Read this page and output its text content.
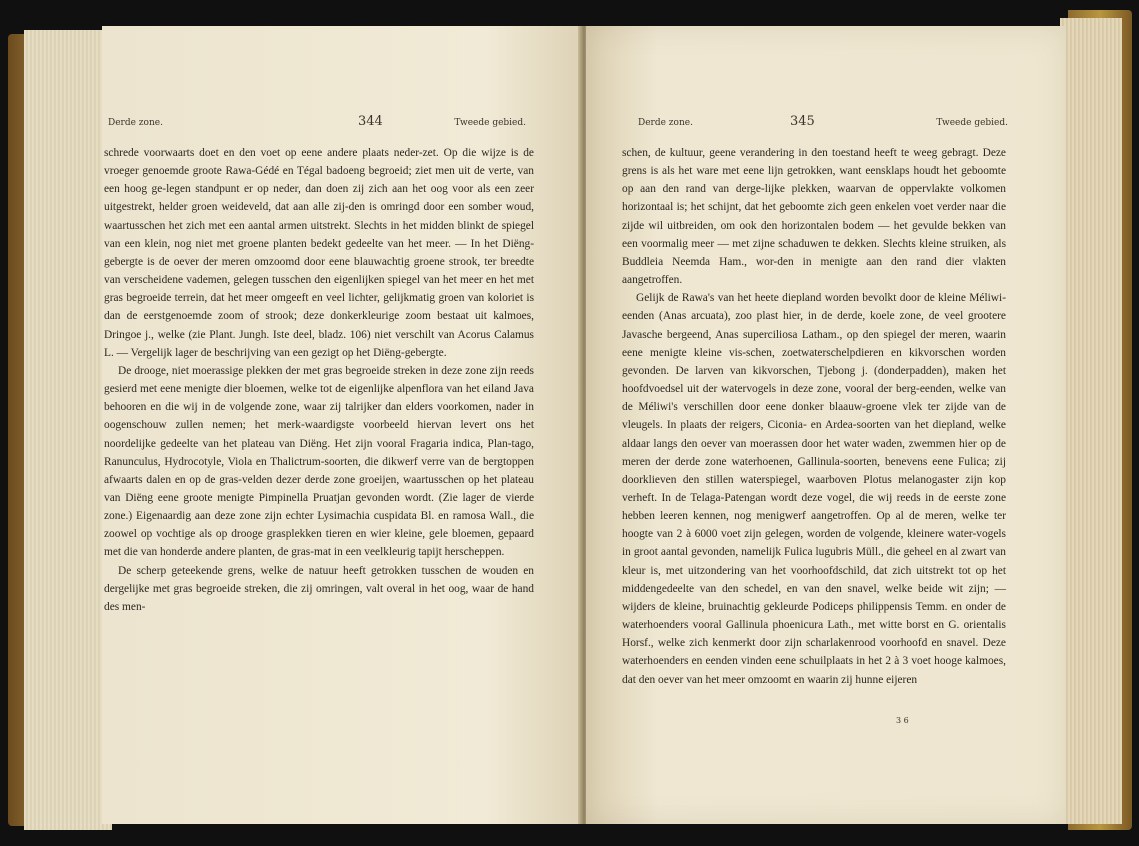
Derde zone.	344	Tweede gebied.

schrede voorwaarts doet en den voet op eene andere plaats neder-zet. Op die wijze is de vroeger genoemde groote Rawa-Gédé en Tégal badoeng begroeid; ziet men uit de verte, van een hoog ge-legen standpunt er op neder, dan doen zij zich aan het oog voor als een zeer uitgestrekt, helder groen weideveld, dat aan alle zij-den is omringd door een somber woud, waartusschen het zich met een aantal armen uitstrekt. Slechts in het midden blinkt de spiegel van een klein, nog niet met groene planten bedekt gedeelte van het meer. — In het Diëng-gebergte is de oever der meren omzoomd door eene blauwachtig groene strook, ter breedte van verscheidene vademen, gelegen tusschen den eigenlijken spiegel van het meer en het met gras begroeide terrein, dat het meer omgeeft en veel lichter, gelijkmatig groen van koloriet is dan de eerstgenoemde zoom of strook; deze donkerkleurige zoom bestaat uit kalmoes, Dringoe j., welke (zie Plant. Jungh. Iste deel, bladz. 106) niet verschilt van Acorus Calamus L. — Vergelijk lager de beschrijving van een gezigt op het Diëng-gebergte.

De drooge, niet moerassige plekken der met gras begroeide streken in deze zone zijn reeds gesierd met eene menigte dier bloemen, welke tot de eigenlijke alpenflora van het eiland Java behooren en die wij in de volgende zone, waar zij talrijker dan elders voorkomen, nader in oogenschouw zullen nemen; het merk-waardigste voorbeeld hiervan levert ons het noordelijke gedeelte van het plateau van Diëng. Het zijn vooral Fragaria indica, Plan-tago, Ranunculus, Hydrocotyle, Viola en Thalictrum-soorten, die dikwerf verre van de bergtoppen afwaarts dalen en op de gras-velden dezer derde zone groeijen, waartusschen op het plateau van Diëng eene groote menigte Pimpinella Pruatjan gevonden wordt. (Zie lager de vierde zone.) Eigenaardig aan deze zone zijn echter Lysimachia cuspidata Bl. en ramosa Wall., die zoowel op vochtige als op drooge grasplekken tieren en wier kleine, gele bloemen, gepaard met die van honderde andere planten, de gras-mat in een veelkleurig tapijt herscheppen.

De scherp geteekende grens, welke de natuur heeft getrokken tusschen de wouden en dergelijke met gras begroeide streken, die zij omringen, valt overal in het oog, waar de hand des men-

Derde zone.	345	Tweede gebied.

schen, de kultuur, geene verandering in den toestand heeft te weeg gebragt. Deze grens is als het ware met eene lijn getrokken, want eensklaps houdt het geboomte op aan den rand van derge-lijke plekken, waarvan de oppervlakte volkomen horizontaal is; het schijnt, dat het geboomte zich geen enkelen voet verder naar die zijde wil uitbreiden, om ook den horizontalen bodem — het gevulde bekken van een voormalig meer — met zijne schaduwen te dekken. Slechts kleine struiken, als Buddleia Neemda Ham., wor-den in menigte aan den rand dier vlakten aangetroffen.

Gelijk de Rawa's van het heete diepland worden bevolkt door de kleine Méliwi-eenden (Anas arcuata), zoo plast hier, in de derde, koele zone, de veel grootere Javasche bergeend, Anas superciliosa Latham., op den spiegel der meren, waarin eene menigte kleine vis-schen, zoetwaterschelpdieren en kikvorschen worden gevonden. De larven van kikvorschen, Tjebong j. (donderpadden), maken het hoofdvoedsel uit der watervogels in deze zone, vooral der berg-eenden, welke van de Méliwi's verschillen door eene donker blaauw-groene vlek ter zijde van de vleugels. In plaats der reigers, Ciconia- en Ardea-soorten van het diepland, welke aldaar langs den oever van moerassen door het water waden, zwemmen hier op de meren der derde zone waterhoenen, Gallinula-soorten, benevens eene Fulica; zij doorklieven den stillen waterspiegel, waarboven Plotus melanogaster zijn kop verheft. In de Telaga-Patengan wordt deze vogel, die wij reeds in de eerste zone hebben leeren kennen, nog menigwerf aangetroffen. Op al de meren, welke ter hoogte van 2 à 6000 voet zijn gelegen, worden de volgende, kleinere water-vogels in groot aantal gevonden, namelijk Fulica lugubris Müll., die geheel en al zwart van kleur is, met uitzondering van het voorhoofdschild, dat zich uitstrekt tot op het middengedeelte van den schedel, en van den snavel, welke beide wit zijn; — wijders de kleine, bruinachtig gekleurde Podiceps philippensis Temm. en onder de waterhoenders vooral Gallinula phoenicura Lath., met witte borst en G. orientalis Horsf., welke zich kenmerkt door zijn scharlakenrood voorhoofd en snavel. Deze waterhoenders en eenden vinden eene schuilplaats in het 2 à 3 voet hooge kalmoes, dat den oever van het meer omzoomt en waarin zij hunne eijeren

3 6
